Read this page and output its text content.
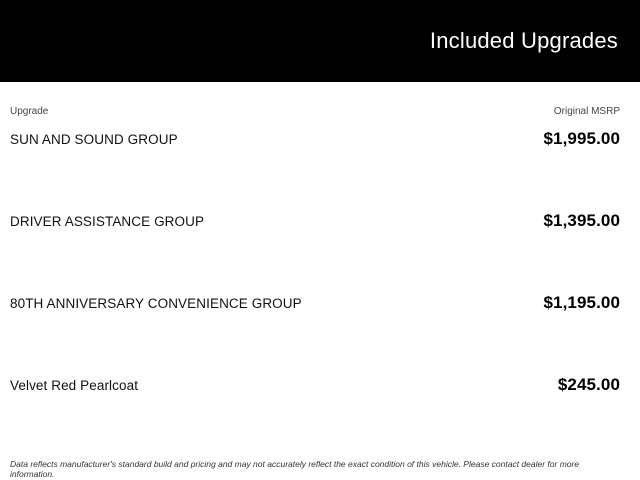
Included Upgrades
Upgrade	Original MSRP
SUN AND SOUND GROUP	$1,995.00
DRIVER ASSISTANCE GROUP	$1,395.00
80TH ANNIVERSARY CONVENIENCE GROUP	$1,195.00
Velvet Red Pearlcoat	$245.00
Data reflects manufacturer's standard build and pricing and may not accurately reflect the exact condition of this vehicle. Please contact dealer for more information.
